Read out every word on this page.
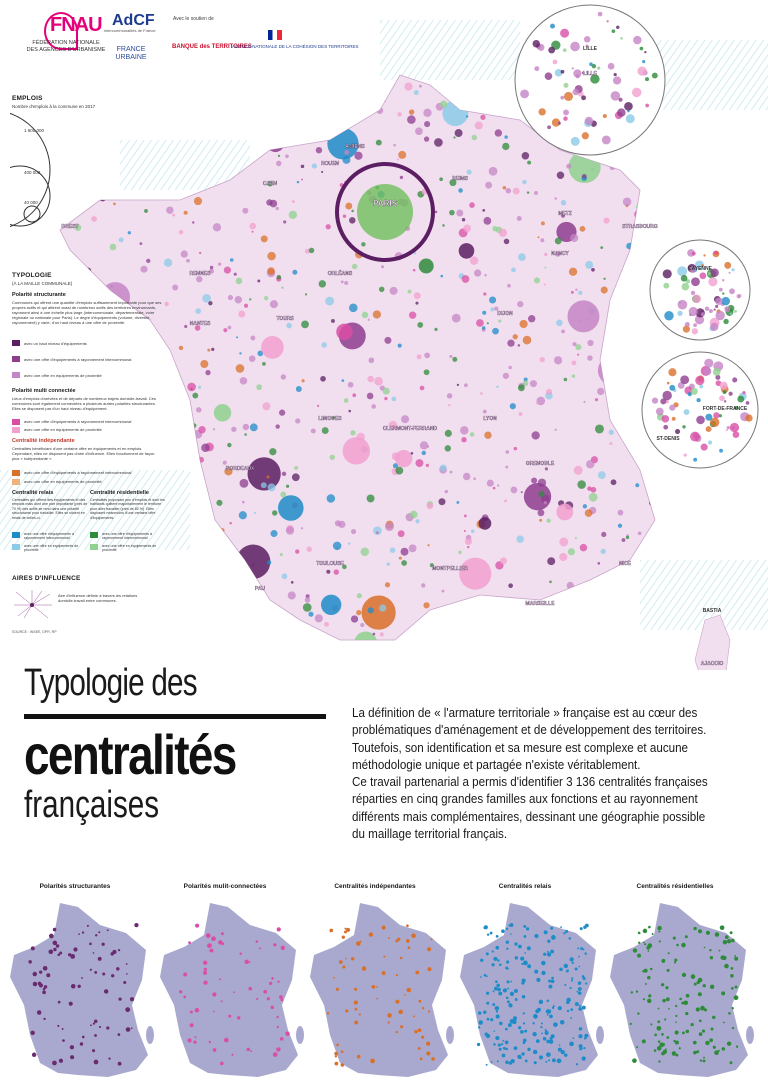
FNAU
FÉDÉRATION NATIONALE DES AGENCES D'URBANISME
AdCF
intercommunalités de France
FRANCE URBAINE
Avec le soutien de
BANQUE des TERRITOIRES
AGENCE NATIONALE DE LA COHÉSION DES TERRITOIRES
PARIS
LYON
MARSEILLE
TOULOUSE
NANTES
BORDEAUX
STRASBOURG
RENNES
LILLE
NICE
MONTPELLIER
GRENOBLE
DIJON
ROUEN
AMIENS
LIMOGES
TOURS
NANCY
METZ
BREST
CAEN
REIMS
ORLÉANS
CLERMONT-FERRAND
PAU
AJACCIO
LILLE
CAYENNE
FORT-DE-FRANCE
ST-DENIS
BASTIA
EMPLOIS
Nombre d'emplois à la commune en 2017
1 600 000
400 000
40 000
TYPOLOGIE
(À LA MAILLE COMMUNALE)
Polarité structurante
Communes qui offrent une quantité d'emplois suffisamment importante pour que ses propres actifs et qui attirent aussi de nombreux actifs des territoires environnants, rayonnent ainsi à une échelle plus large (intercommunale, départementale, voire régionale ou nationale pour Paris). Le degré d'équipements (volume, diversité, rayonnement) y varie, d'un haut niveau à une offre de proximité.
avec un haut niveau d'équipements
avec une offre d'équipements à rayonnement intercommunal
avec une offre en équipements de proximité
Polarité multi connectée
Lieux d'emplois d'arrivées et de départs de nombreux trajets domicile-travail. Ces communes sont également connectées à plusieurs autres polarités structurantes. Elles se disposent par d'un haut niveau d'équipement.
avec une offre d'équipements à rayonnement intercommunal
avec une offre en équipements de proximité
Centralité indépendante
Centralités bénéficiant d'une certaine offre en équipements et en emplois. Cependant, elles ne disposent pas d'aire d'influence. Elles fonctionnent de façon plus « indépendante ».
avec une offre d'équipements à rayonnement intercommunal
avec une offre en équipements de proximité
Centralité relais
Centralités qui offrent des équipements et des emplois mais dont une part importante (près de 70 %) des actifs se rend dans une polarité structurante pour travailler. Elles se situent en relais de celles-ci.
avec une offre d'équipements à rayonnement intercommunal
avec une offre en équipements de proximité
Centralité résidentielle
Centralités proposant peu d'emplois et dont les habitants quittent majoritairement le territoire pour aller travailler (près de 80 %). Elles disposent néanmoins d'une certaine offre d'équipements.
avec une offre d'équipements à rayonnement intercommunal
avec une offre en équipements de proximité
AIRES D'INFLUENCE
Aire d'influence définie à travers les relations domicile-travail entre communes.
SOURCE : INSEE, DPR, RP
Typologie des
centralités
françaises

La définition de « l'armature territoriale » française est au cœur des problématiques d'aménagement et de développement des territoires. Toutefois, son identification et sa mesure est complexe et aucune méthodologie unique et partagée n'existe véritablement.

Ce travail partenarial a permis d'identifier 3 136 centralités françaises réparties en cinq grandes familles aux fonctions et au rayonnement différents mais complémentaires, dessinant une géographie possible du maillage territorial français.

Polarités structurantes	Polarités mulit-connectées	Centralités indépendantes	Centralités relais	Centralités résidentielles
